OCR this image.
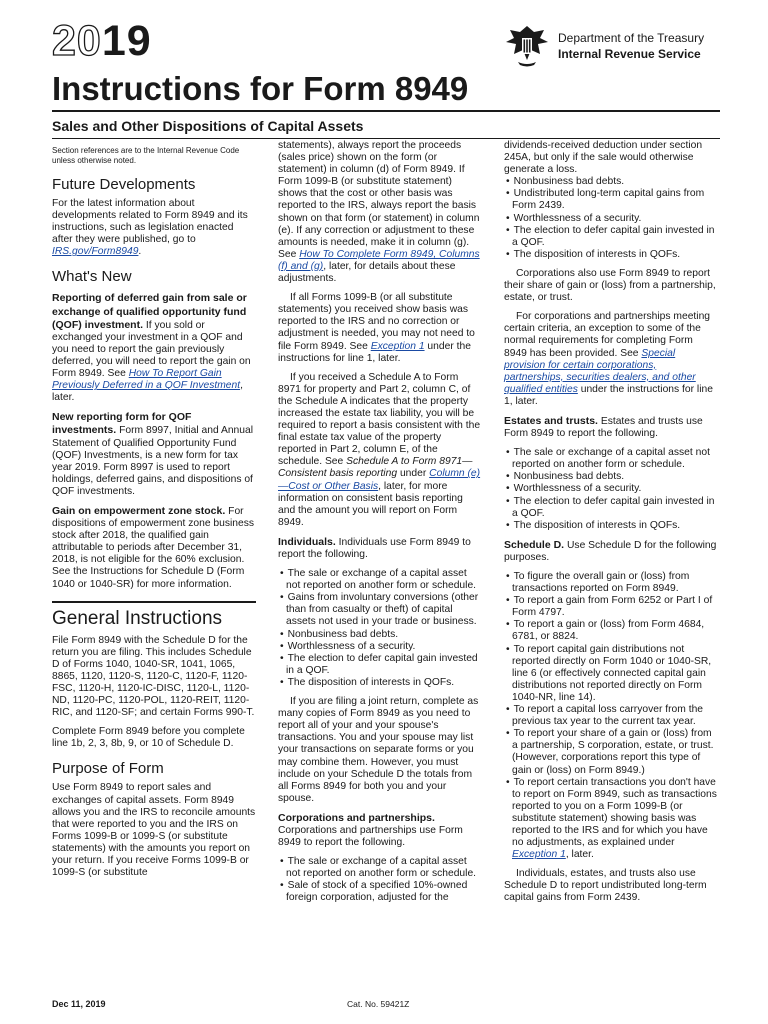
2019
Instructions for Form 8949
Department of the Treasury
Internal Revenue Service
Sales and Other Dispositions of Capital Assets

Section references are to the Internal Revenue Code unless otherwise noted.

Future Developments

For the latest information about developments related to Form 8949 and its instructions, such as legislation enacted after they were published, go to IRS.gov/Form8949.

What's New

Reporting of deferred gain from sale or exchange of qualified opportunity fund (QOF) investment. If you sold or exchanged your investment in a QOF and you need to report the gain previously deferred, you will need to report the gain on Form 8949. See How To Report Gain Previously Deferred in a QOF Investment, later.

New reporting form for QOF investments. Form 8997, Initial and Annual Statement of Qualified Opportunity Fund (QOF) Investments, is a new form for tax year 2019. Form 8997 is used to report holdings, deferred gains, and dispositions of QOF investments.

Gain on empowerment zone stock. For dispositions of empowerment zone business stock after 2018, the qualified gain attributable to periods after December 31, 2018, is not eligible for the 60% exclusion. See the Instructions for Schedule D (Form 1040 or 1040-SR) for more information.

General Instructions

File Form 8949 with the Schedule D for the return you are filing. This includes Schedule D of Forms 1040, 1040-SR, 1041, 1065, 8865, 1120, 1120-S, 1120-C, 1120-F, 1120-FSC, 1120-H, 1120-IC-DISC, 1120-L, 1120-ND, 1120-PC, 1120-POL, 1120-REIT, 1120-RIC, and 1120-SF; and certain Forms 990-T.

Complete Form 8949 before you complete line 1b, 2, 3, 8b, 9, or 10 of Schedule D.

Purpose of Form

Use Form 8949 to report sales and exchanges of capital assets. Form 8949 allows you and the IRS to reconcile amounts that were reported to you and the IRS on Forms 1099-B or 1099-S (or substitute statements) with the amounts you report on your return. If you receive Forms 1099-B or 1099-S (or substitute

statements), always report the proceeds (sales price) shown on the form (or statement) in column (d) of Form 8949. If Form 1099-B (or substitute statement) shows that the cost or other basis was reported to the IRS, always report the basis shown on that form (or statement) in column (e). If any correction or adjustment to these amounts is needed, make it in column (g). See How To Complete Form 8949, Columns (f) and (g), later, for details about these adjustments.

If all Forms 1099-B (or all substitute statements) you received show basis was reported to the IRS and no correction or adjustment is needed, you may not need to file Form 8949. See Exception 1 under the instructions for line 1, later.

If you received a Schedule A to Form 8971 for property and Part 2, column C, of the Schedule A indicates that the property increased the estate tax liability, you will be required to report a basis consistent with the final estate tax value of the property reported in Part 2, column E, of the schedule. See Schedule A to Form 8971—Consistent basis reporting under Column (e)—Cost or Other Basis, later, for more information on consistent basis reporting and the amount you will report on Form 8949.

Individuals. Individuals use Form 8949 to report the following.

• The sale or exchange of a capital asset not reported on another form or schedule.

• Gains from involuntary conversions (other than from casualty or theft) of capital assets not used in your trade or business.

• Nonbusiness bad debts.

• Worthlessness of a security.

• The election to defer capital gain invested in a QOF.

• The disposition of interests in QOFs.

If you are filing a joint return, complete as many copies of Form 8949 as you need to report all of your and your spouse's transactions. You and your spouse may list your transactions on separate forms or you may combine them. However, you must include on your Schedule D the totals from all Forms 8949 for both you and your spouse.

Corporations and partnerships. Corporations and partnerships use Form 8949 to report the following.

• The sale or exchange of a capital asset not reported on another form or schedule.

• Sale of stock of a specified 10%-owned foreign corporation, adjusted for the

dividends-received deduction under section 245A, but only if the sale would otherwise generate a loss.

• Nonbusiness bad debts.

• Undistributed long-term capital gains from Form 2439.

• Worthlessness of a security.

• The election to defer capital gain invested in a QOF.

• The disposition of interests in QOFs.

Corporations also use Form 8949 to report their share of gain or (loss) from a partnership, estate, or trust.

For corporations and partnerships meeting certain criteria, an exception to some of the normal requirements for completing Form 8949 has been provided. See Special provision for certain corporations, partnerships, securities dealers, and other qualified entities under the instructions for line 1, later.

Estates and trusts. Estates and trusts use Form 8949 to report the following.

• The sale or exchange of a capital asset not reported on another form or schedule.

• Nonbusiness bad debts.

• Worthlessness of a security.

• The election to defer capital gain invested in a QOF.

• The disposition of interests in QOFs.

Schedule D. Use Schedule D for the following purposes.

• To figure the overall gain or (loss) from transactions reported on Form 8949.

• To report a gain from Form 6252 or Part I of Form 4797.

• To report a gain or (loss) from Form 4684, 6781, or 8824.

• To report capital gain distributions not reported directly on Form 1040 or 1040-SR, line 6 (or effectively connected capital gain distributions not reported directly on Form 1040-NR, line 14).

• To report a capital loss carryover from the previous tax year to the current tax year.

• To report your share of a gain or (loss) from a partnership, S corporation, estate, or trust. (However, corporations report this type of gain or (loss) on Form 8949.)

• To report certain transactions you don't have to report on Form 8949, such as transactions reported to you on a Form 1099-B (or substitute statement) showing basis was reported to the IRS and for which you have no adjustments, as explained under Exception 1, later.

Individuals, estates, and trusts also use Schedule D to report undistributed long-term capital gains from Form 2439.

Dec 11, 2019	Cat. No. 59421Z
